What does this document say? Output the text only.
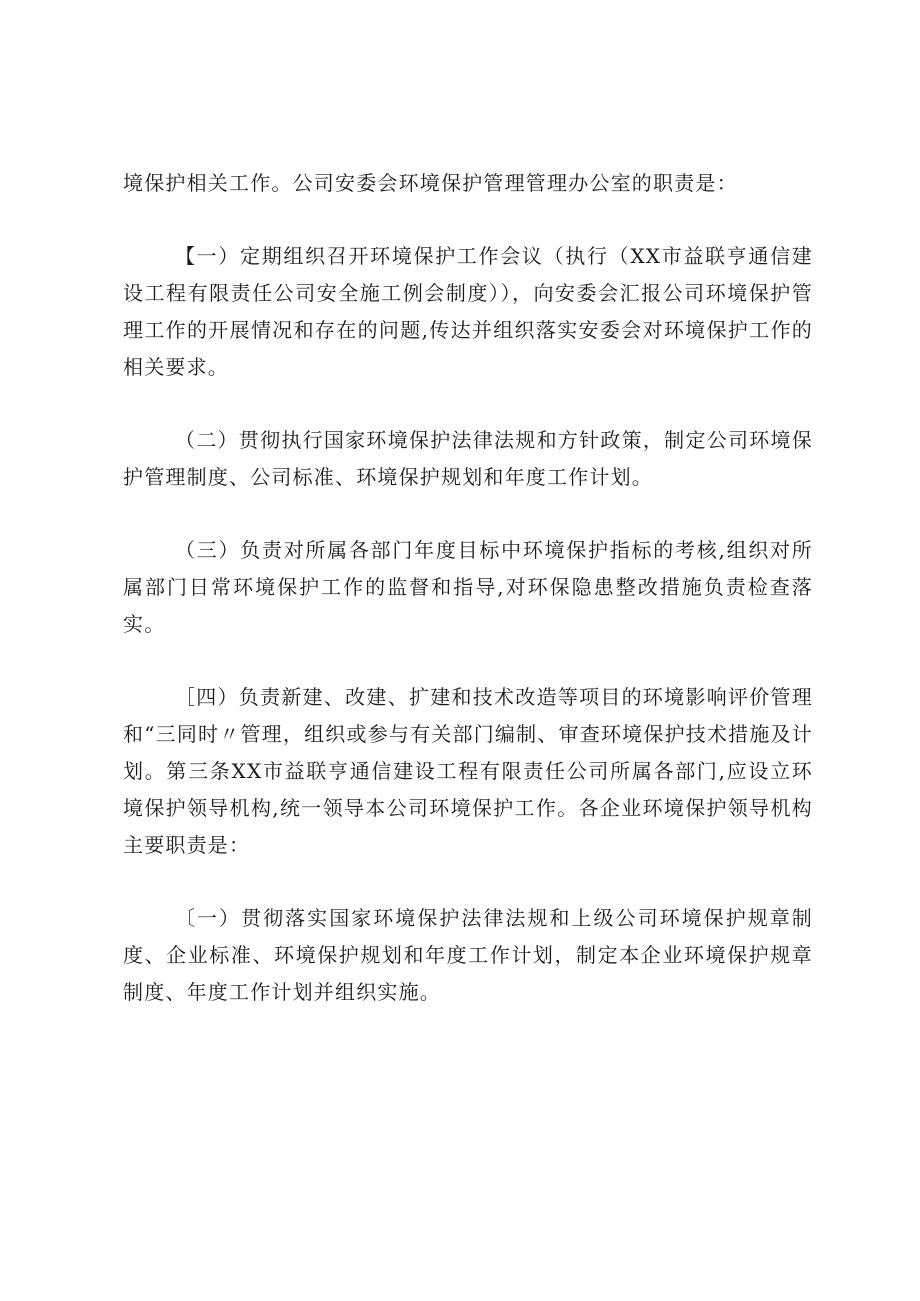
境保护相关工作。公司安委会环境保护管理管理办公室的职责是：

【一）定期组织召开环境保护工作会议（执行（XX市益联亨通信建设工程有限责任公司安全施工例会制度）），向安委会汇报公司环境保护管理工作的开展情况和存在的问题,传达并组织落实安委会对环境保护工作的相关要求。

（二）贯彻执行国家环境保护法律法规和方针政策，制定公司环境保护管理制度、公司标准、环境保护规划和年度工作计划。

（三）负责对所属各部门年度目标中环境保护指标的考核,组织对所属部门日常环境保护工作的监督和指导,对环保隐患整改措施负责检查落实。

［四）负责新建、改建、扩建和技术改造等项目的环境影响评价管理和“三同时〃管理，组织或参与有关部门编制、审查环境保护技术措施及计划。第三条XX市益联亨通信建设工程有限责任公司所属各部门,应设立环境保护领导机构,统一领导本公司环境保护工作。各企业环境保护领导机构主要职责是：

〔一）贯彻落实国家环境保护法律法规和上级公司环境保护规章制度、企业标准、环境保护规划和年度工作计划，制定本企业环境保护规章制度、年度工作计划并组织实施。
